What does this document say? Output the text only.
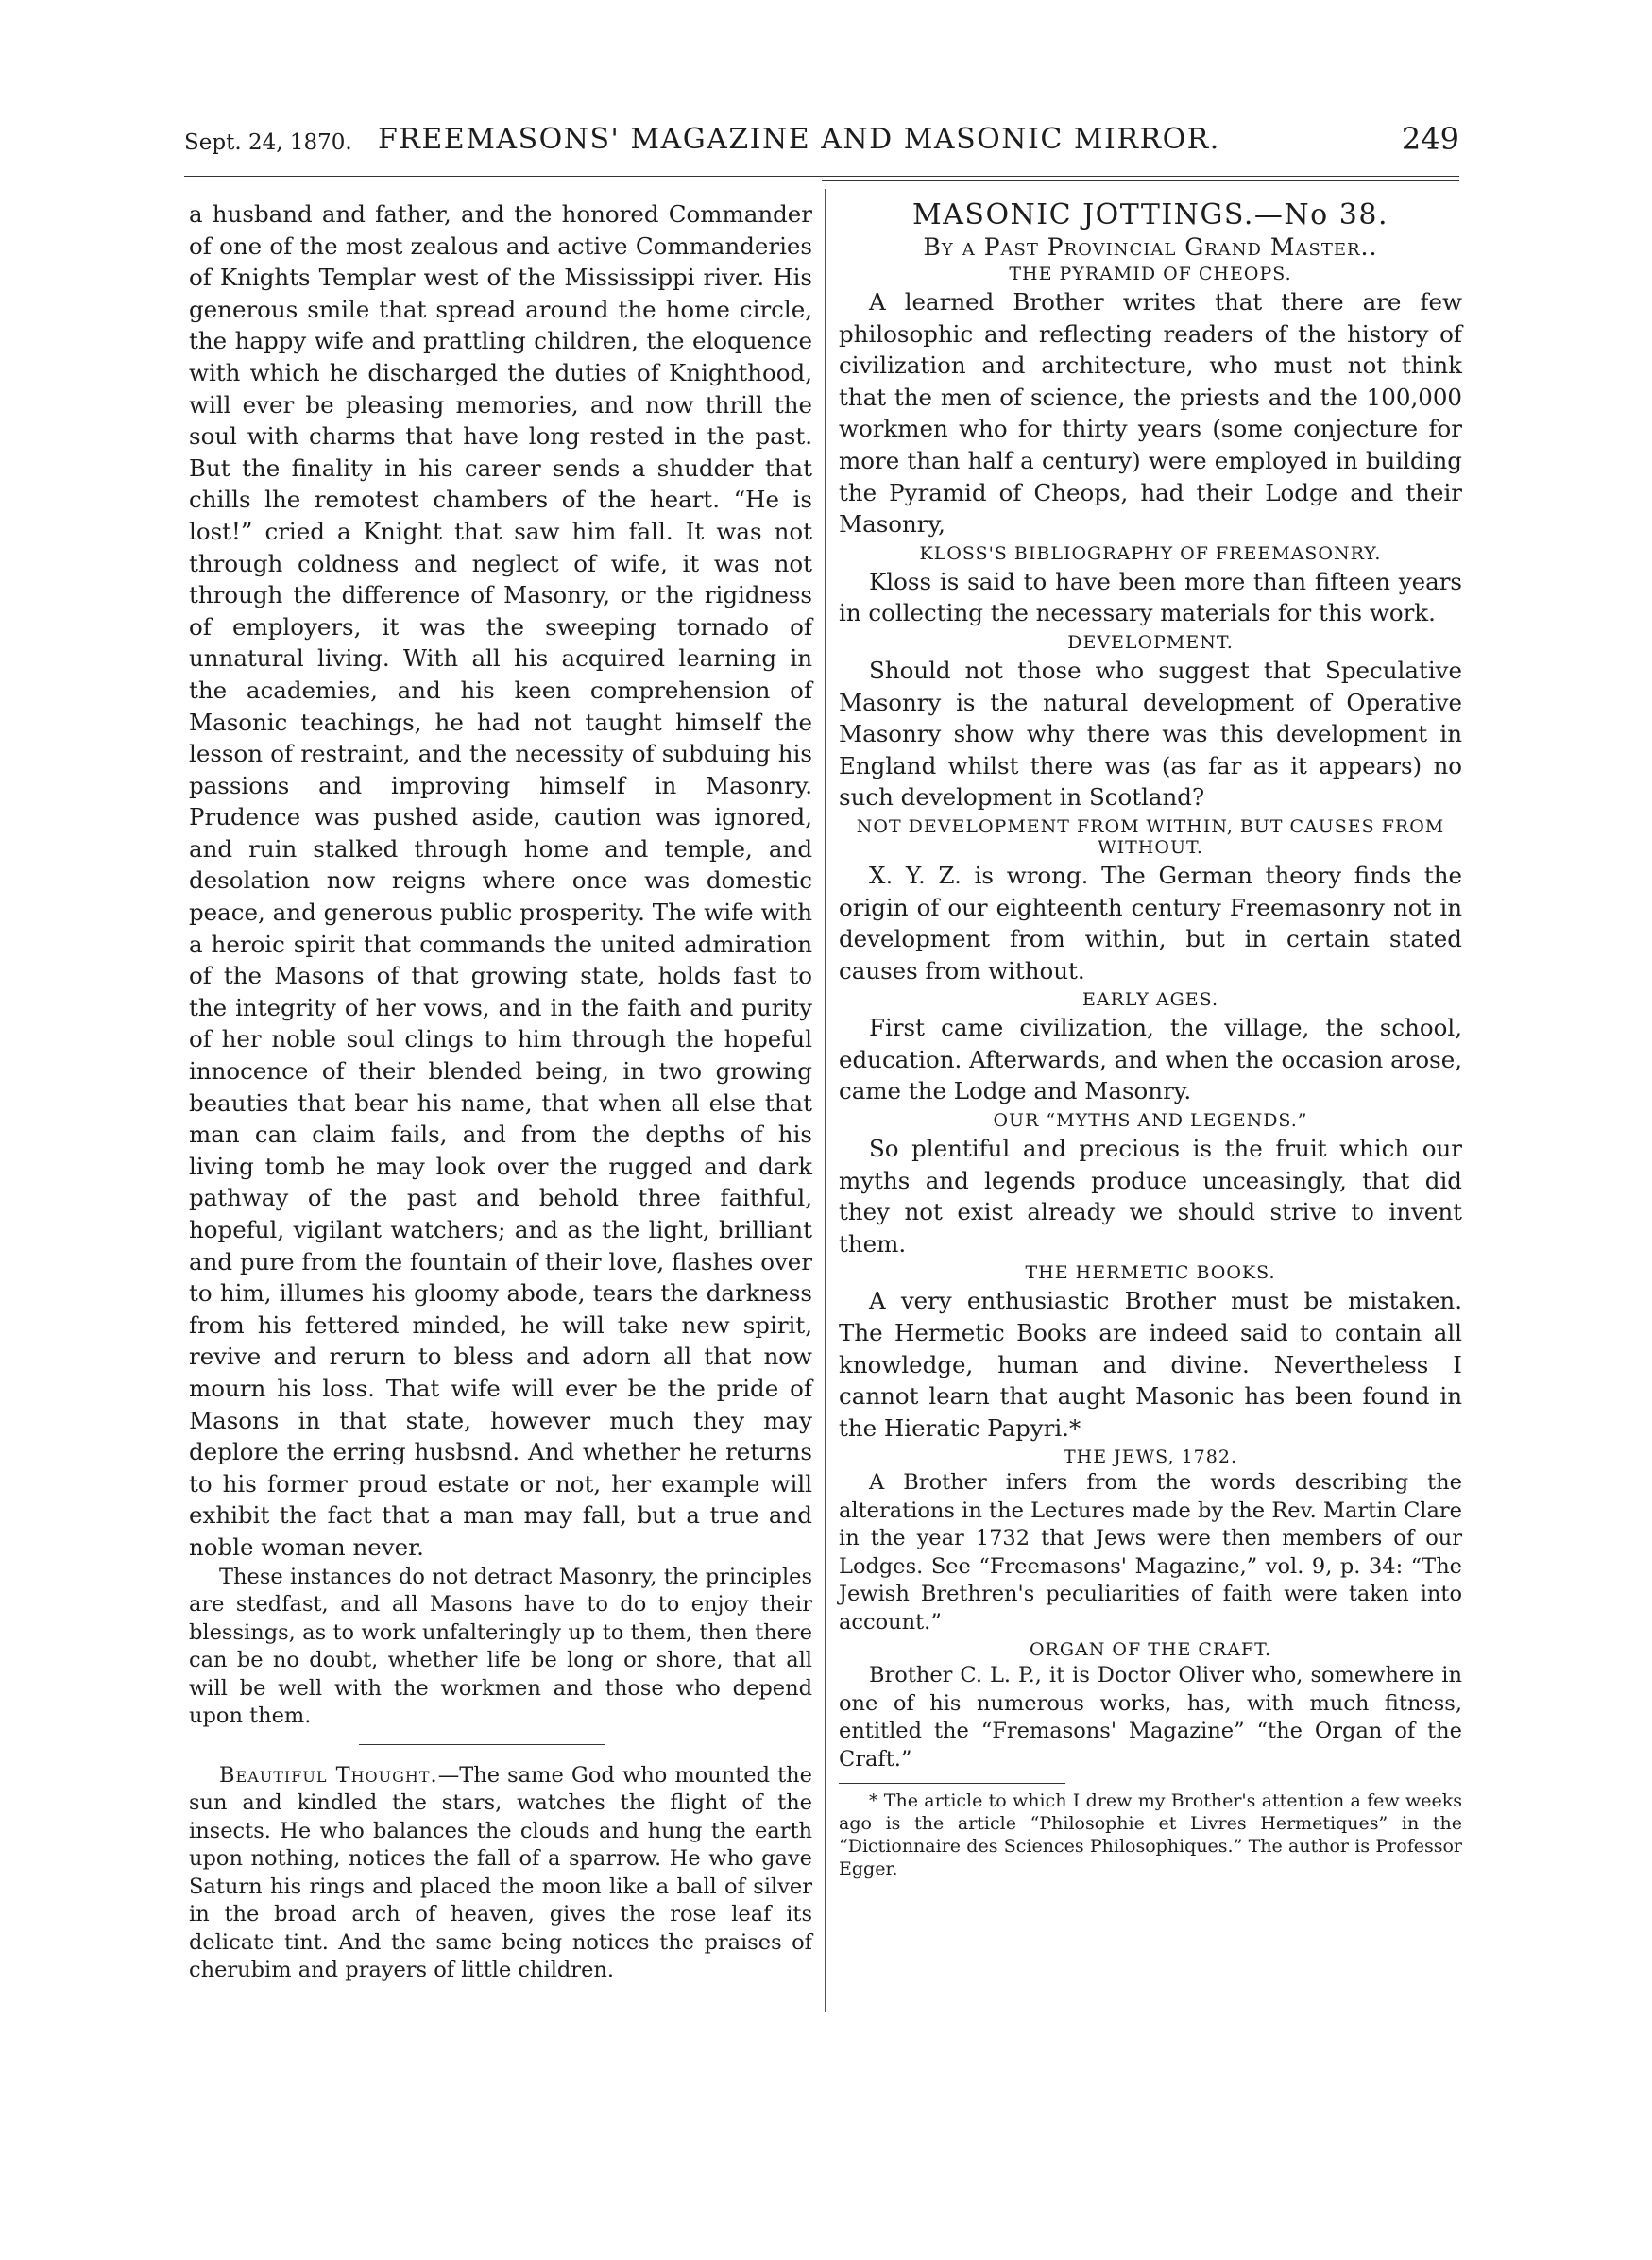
Sept. 24, 1870. FREEMASONS' MAGAZINE AND MASONIC MIRROR.	249

a husband and father, and the honored Commander of one of the most zealous and active Commanderies of Knights Templar west of the Mississippi river. His generous smile that spread around the home circle, the happy wife and prattling children, the eloquence with which he discharged the duties of Knighthood, will ever be pleasing memories, and now thrill the soul with charms that have long rested in the past. But the finality in his career sends a shudder that chills lhe remotest chambers of the heart. “He is lost!” cried a Knight that saw him fall. It was not through coldness and neglect of wife, it was not through the difference of Masonry, or the rigidness of employers, it was the sweeping tornado of unnatural living. With all his acquired learning in the academies, and his keen comprehension of Masonic teachings, he had not taught himself the lesson of restraint, and the necessity of subduing his passions and improving himself in Masonry. Prudence was pushed aside, caution was ignored, and ruin stalked through home and temple, and desolation now reigns where once was domestic peace, and generous public prosperity. The wife with a heroic spirit that commands the united admiration of the Masons of that growing state, holds fast to the integrity of her vows, and in the faith and purity of her noble soul clings to him through the hopeful innocence of their blended being, in two growing beauties that bear his name, that when all else that man can claim fails, and from the depths of his living tomb he may look over the rugged and dark pathway of the past and behold three faithful, hopeful, vigilant watchers; and as the light, brilliant and pure from the fountain of their love, flashes over to him, illumes his gloomy abode, tears the darkness from his fettered minded, he will take new spirit, revive and rerurn to bless and adorn all that now mourn his loss. That wife will ever be the pride of Masons in that state, however much they may deplore the erring husbsnd. And whether he returns to his former proud estate or not, her example will exhibit the fact that a man may fall, but a true and noble woman never.

These instances do not detract Masonry, the principles are stedfast, and all Masons have to do to enjoy their blessings, as to work unfalteringly up to them, then there can be no doubt, whether life be long or shore, that all will be well with the workmen and those who depend upon them.

Beautiful Thought.—The same God who mounted the sun and kindled the stars, watches the flight of the insects. He who balances the clouds and hung the earth upon nothing, notices the fall of a sparrow. He who gave Saturn his rings and placed the moon like a ball of silver in the broad arch of heaven, gives the rose leaf its delicate tint. And the same being notices the praises of cherubim and prayers of little children.

MASONIC JOTTINGS.—No 38.
By a Past Provincial Grand Master..
THE PYRAMID OF CHEOPS.

A learned Brother writes that there are few philosophic and reflecting readers of the history of civilization and architecture, who must not think that the men of science, the priests and the 100,000 workmen who for thirty years (some conjecture for more than half a century) were employed in building the Pyramid of Cheops, had their Lodge and their Masonry,

KLOSS'S BIBLIOGRAPHY OF FREEMASONRY.

Kloss is said to have been more than fifteen years in collecting the necessary materials for this work.

DEVELOPMENT.

Should not those who suggest that Speculative Masonry is the natural development of Operative Masonry show why there was this development in England whilst there was (as far as it appears) no such development in Scotland?

NOT DEVELOPMENT FROM WITHIN, BUT CAUSES FROM WITHOUT.

X. Y. Z. is wrong. The German theory finds the origin of our eighteenth century Freemasonry not in development from within, but in certain stated causes from without.

EARLY AGES.

First came civilization, the village, the school, education. Afterwards, and when the occasion arose, came the Lodge and Masonry.

OUR “MYTHS AND LEGENDS.”

So plentiful and precious is the fruit which our myths and legends produce unceasingly, that did they not exist already we should strive to invent them.

THE HERMETIC BOOKS.

A very enthusiastic Brother must be mistaken. The Hermetic Books are indeed said to contain all knowledge, human and divine. Nevertheless I cannot learn that aught Masonic has been found in the Hieratic Papyri.*

THE JEWS, 1782.

A Brother infers from the words describing the alterations in the Lectures made by the Rev. Martin Clare in the year 1732 that Jews were then members of our Lodges. See “Freemasons' Magazine,” vol. 9, p. 34: “The Jewish Brethren's peculiarities of faith were taken into account.”

ORGAN OF THE CRAFT.

Brother C. L. P., it is Doctor Oliver who, somewhere in one of his numerous works, has, with much fitness, entitled the “Fremasons' Magazine” “the Organ of the Craft.”

* The article to which I drew my Brother's attention a few weeks ago is the article “Philosophie et Livres Hermetiques” in the “Dictionnaire des Sciences Philosophiques.” The author is Professor Egger.
